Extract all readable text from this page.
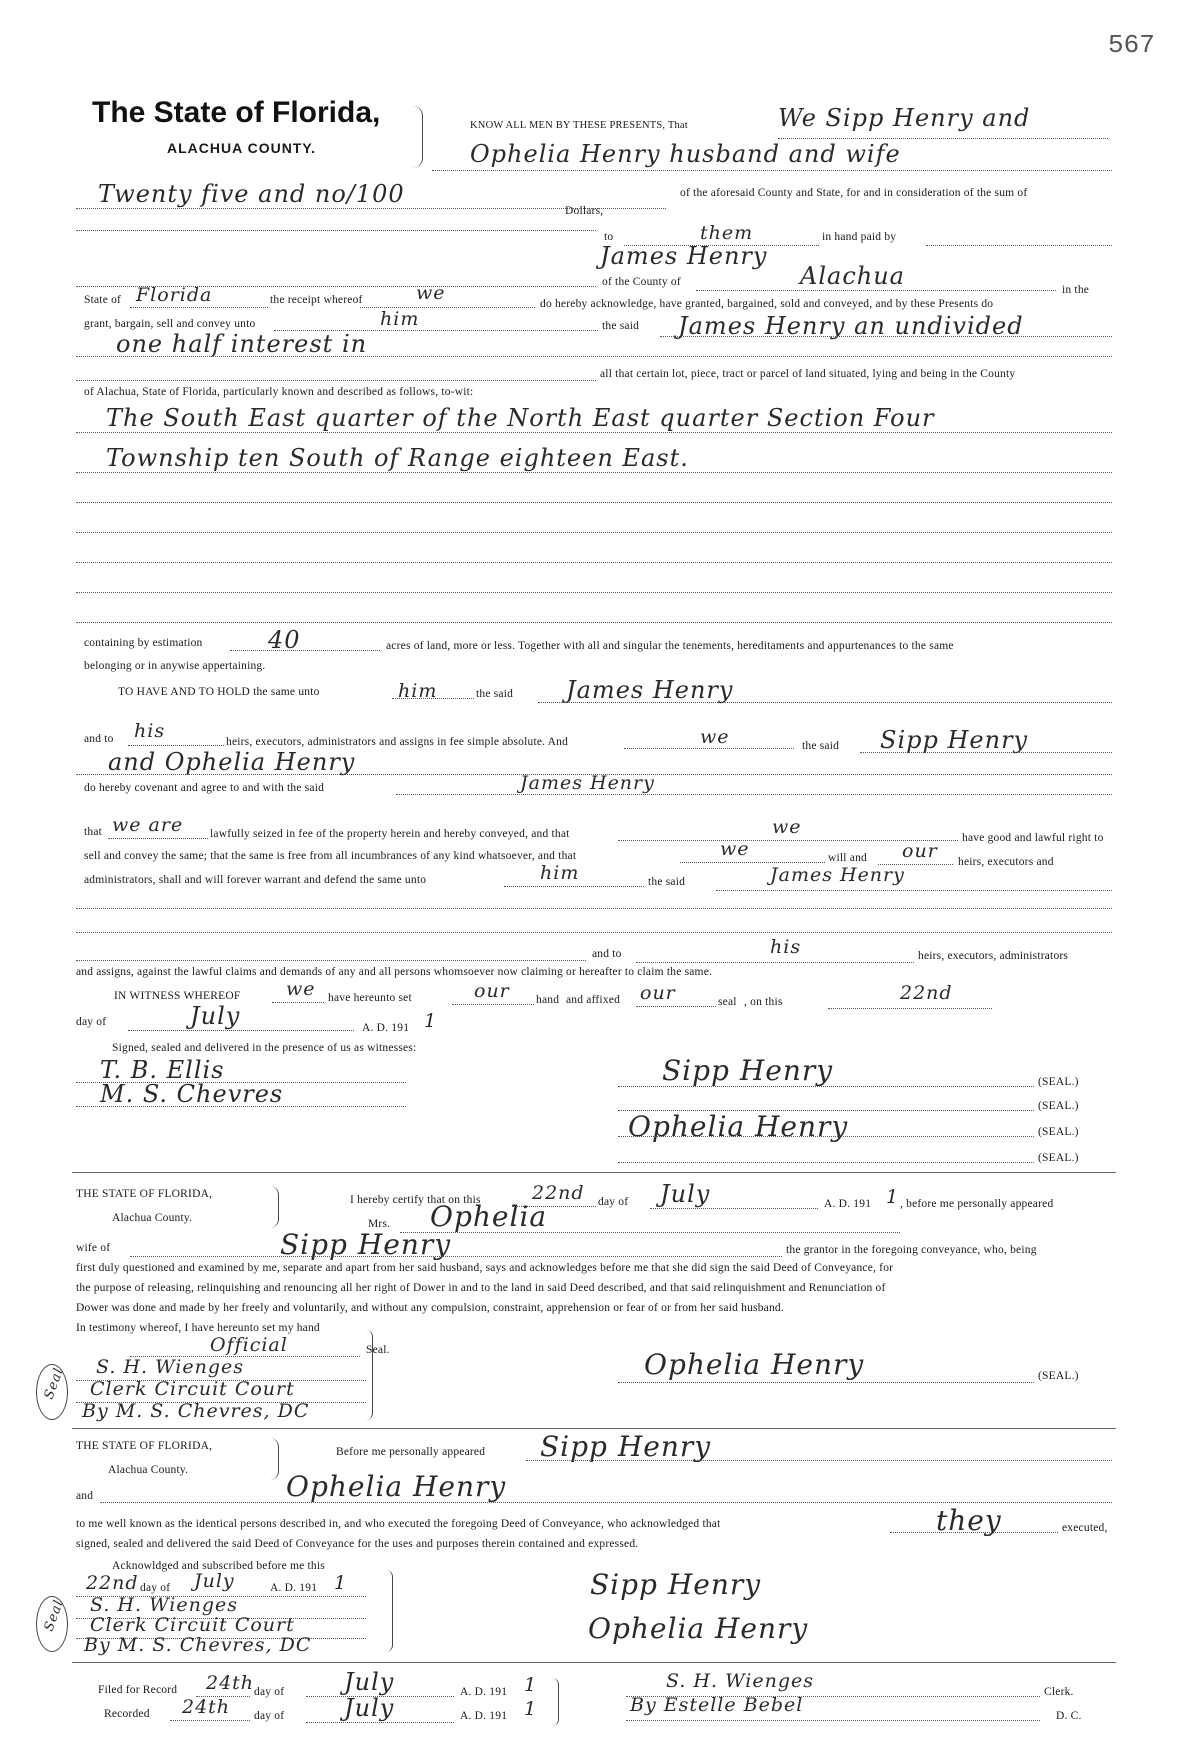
567
The State of Florida,
ALACHUA COUNTY.
KNOW ALL MEN BY THESE PRESENTS, That	We Sipp Henry and
Ophelia Henry husband and wife
Twenty five and no/100	of the aforesaid County and State, for and in consideration of the sum of
Dollars,
to	them	in hand paid by
James Henry
of the County of	Alachua	in the
State of Florida	the receipt whereof	we	do hereby acknowledge, have granted, bargained, sold and conveyed, and by these Presents do
grant, bargain, sell and convey unto	him	the said James Henry an undivided
one half interest in
all that certain lot, piece, tract or parcel of land situated, lying and being in the County
of Alachua, State of Florida, particularly known and described as follows, to-wit:
The South East quarter of the North East quarter Section Four
Township ten South of Range eighteen East.
containing by estimation	40	acres of land, more or less. Together with all and singular the tenements, hereditaments and appurtenances to the same
belonging or in anywise appertaining.
TO HAVE AND TO HOLD the same unto	him	the said James Henry
and to his	heirs, executors, administrators and assigns in fee simple absolute. And	we	the said Sipp Henry
and Ophelia Henry
do hereby covenant and agree to and with the said	James Henry
that we are lawfully seized in fee of the property herein and hereby conveyed, and that	we	have good and lawful right to
sell and convey the same; that the same is free from all incumbrances of any kind whatsoever, and that	we	will and our heirs, executors and
administrators, shall and will forever warrant and defend the same unto	him	the said	James Henry
and to	his	heirs, executors, administrators
and assigns, against the lawful claims and demands of any and all persons whomsoever now claiming or hereafter to claim the same.
IN WITNESS WHEREOF we have hereunto set	our hand and affixed our	seal , on this	22nd
day of	July	A. D. 191 1
Signed, sealed and delivered in the presence of us as witnesses:
T. B. Ellis
M. S. Chevres
Sipp Henry	(SEAL.)
(SEAL.)
Ophelia Henry	(SEAL.)
(SEAL.)
THE STATE OF FLORIDA,
Alachua County.
I hereby certify that on this	22nd day of July	A. D. 191 1 , before me personally appeared
Mrs. Ophelia
wife of	Sipp Henry	the grantor in the foregoing conveyance, who, being
first duly questioned and examined by me, separate and apart from her said husband, says and acknowledges before me that she did sign the said Deed of Conveyance, for
the purpose of releasing, relinquishing and renouncing all her right of Dower in and to the land in said Deed described, and that said relinquishment and Renunciation of
Dower was done and made by her freely and voluntarily, and without any compulsion, constraint, apprehension or fear of or from her said husband.
In testimony whereof, I have hereunto set my hand
Official	Seal.
Seal S. H. Wienges
Clerk Circuit Court
By M. S. Chevres, DC
Ophelia Henry	(SEAL.)
THE STATE OF FLORIDA,
Alachua County.
Before me personally appeared Sipp Henry
and	Ophelia Henry
to me well known as the identical persons described in, and who executed the foregoing Deed of Conveyance, who acknowledged that	they	executed,
signed, sealed and delivered the said Deed of Conveyance for the uses and purposes therein contained and expressed.
Acknowldged and subscribed before me this
22nd day of July	A. D. 191 1
Seal S. H. Wienges
Clerk Circuit Court
By M. S. Chevres, DC
Sipp Henry
Ophelia Henry
Filed for Record 24th day of July	A. D. 191 1
Recorded 24th day of July	A. D. 191 1
S. H. Wienges	Clerk.
By Estelle Bebel	D. C.
